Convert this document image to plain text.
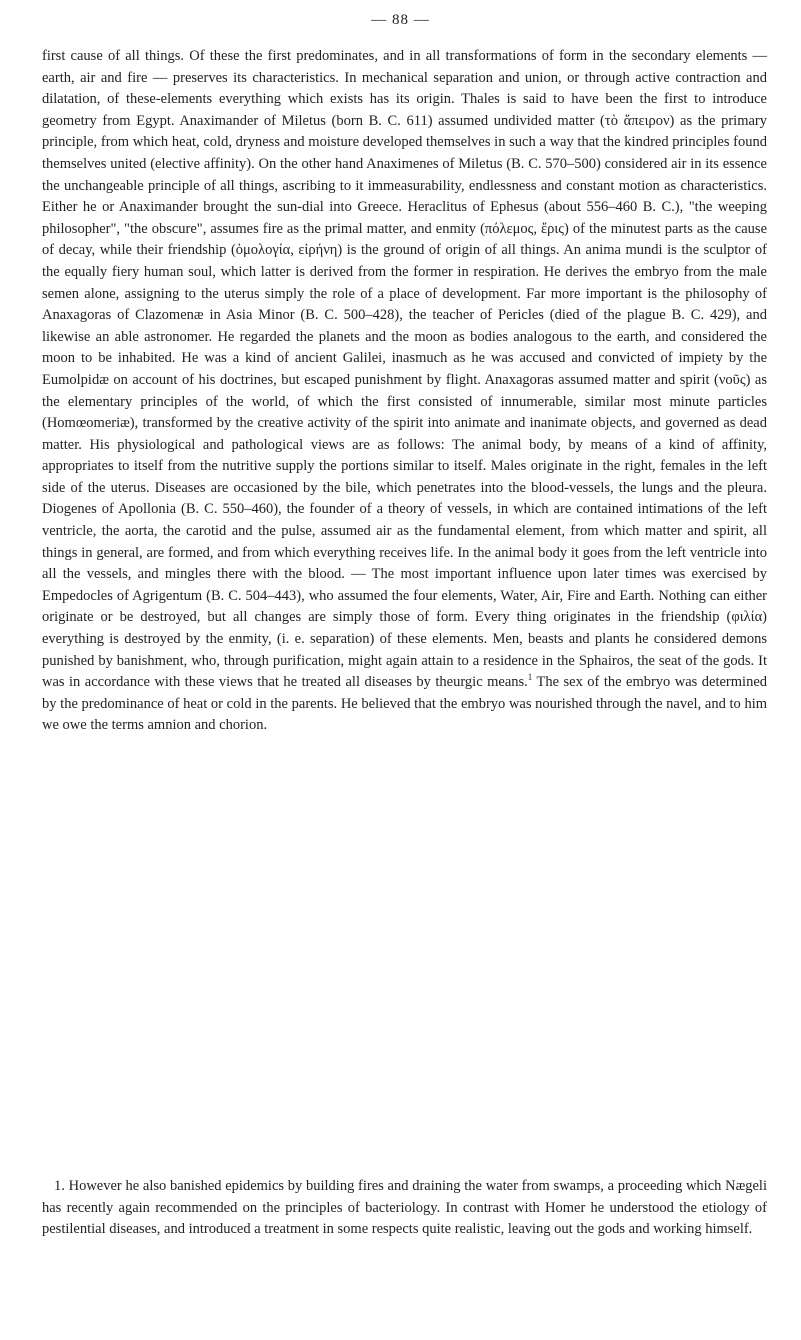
— 88 —

first cause of all things. Of these the first predominates, and in all transformations of form in the secondary elements — earth, air and fire — preserves its characteristics. In mechanical separation and union, or through active contraction and dilatation, of these-elements everything which exists has its origin. Thales is said to have been the first to introduce geometry from Egypt. Anaximander of Miletus (born B. C. 611) assumed undivided matter (τὸ ἄπειρον) as the primary principle, from which heat, cold, dryness and moisture developed themselves in such a way that the kindred principles found themselves united (elective affinity). On the other hand Anaximenes of Miletus (B. C. 570–500) considered air in its essence the unchangeable principle of all things, ascribing to it immeasurability, endlessness and constant motion as characteristics. Either he or Anaximander brought the sun-dial into Greece. Heraclitus of Ephesus (about 556–460 B. C.), "the weeping philosopher", "the obscure", assumes fire as the primal matter, and enmity (πόλεμος, ἔρις) of the minutest parts as the cause of decay, while their friendship (ὁμολογία, εἰρήνη) is the ground of origin of all things. An anima mundi is the sculptor of the equally fiery human soul, which latter is derived from the former in respiration. He derives the embryo from the male semen alone, assigning to the uterus simply the role of a place of development. Far more important is the philosophy of Anaxagoras of Clazomenæ in Asia Minor (B. C. 500–428), the teacher of Pericles (died of the plague B. C. 429), and likewise an able astronomer. He regarded the planets and the moon as bodies analogous to the earth, and considered the moon to be inhabited. He was a kind of ancient Galilei, inasmuch as he was accused and convicted of impiety by the Eumolpidæ on account of his doctrines, but escaped punishment by flight. Anaxagoras assumed matter and spirit (νοῦς) as the elementary principles of the world, of which the first consisted of innumerable, similar most minute particles (Homœomeriæ), transformed by the creative activity of the spirit into animate and inanimate objects, and governed as dead matter. His physiological and pathological views are as follows: The animal body, by means of a kind of affinity, appropriates to itself from the nutritive supply the portions similar to itself. Males originate in the right, females in the left side of the uterus. Diseases are occasioned by the bile, which penetrates into the blood-vessels, the lungs and the pleura. Diogenes of Apollonia (B. C. 550–460), the founder of a theory of vessels, in which are contained intimations of the left ventricle, the aorta, the carotid and the pulse, assumed air as the fundamental element, from which matter and spirit, all things in general, are formed, and from which everything receives life. In the animal body it goes from the left ventricle into all the vessels, and mingles there with the blood. — The most important influence upon later times was exercised by Empedocles of Agrigentum (B. C. 504–443), who assumed the four elements, Water, Air, Fire and Earth. Nothing can either originate or be destroyed, but all changes are simply those of form. Every thing originates in the friendship (φιλία) everything is destroyed by the enmity, (i. e. separation) of these elements. Men, beasts and plants he considered demons punished by banishment, who, through purification, might again attain to a residence in the Sphairos, the seat of the gods. It was in accordance with these views that he treated all diseases by theurgic means.$^1$ The sex of the embryo was determined by the predominance of heat or cold in the parents. He believed that the embryo was nourished through the navel, and to him we owe the terms amnion and chorion.

1. However he also banished epidemics by building fires and draining the water from swamps, a proceeding which Nægeli has recently again recommended on the principles of bacteriology. In contrast with Homer he understood the etiology of pestilential diseases, and introduced a treatment in some respects quite realistic, leaving out the gods and working himself.
